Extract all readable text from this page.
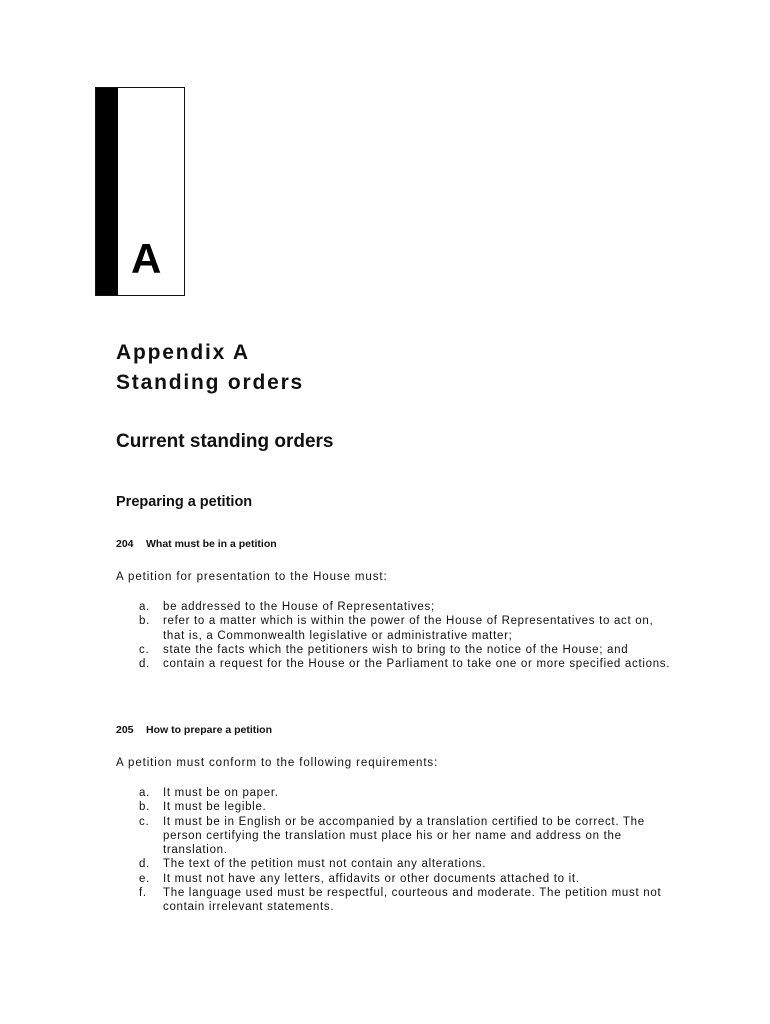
A
Appendix A
Standing orders
Current standing orders
Preparing a petition
204 What must be in a petition

A petition for presentation to the House must:

a.	be addressed to the House of Representatives;
b.	refer to a matter which is within the power of the House of Representatives to act on, that is, a Commonwealth legislative or administrative matter;
c.	state the facts which the petitioners wish to bring to the notice of the House; and
d.	contain a request for the House or the Parliament to take one or more specified actions.
205 How to prepare a petition

A petition must conform to the following requirements:

a.	It must be on paper.
b.	It must be legible.
c.	It must be in English or be accompanied by a translation certified to be correct. The person certifying the translation must place his or her name and address on the translation.
d.	The text of the petition must not contain any alterations.
e.	It must not have any letters, affidavits or other documents attached to it.
f.	The language used must be respectful, courteous and moderate. The petition must not contain irrelevant statements.
